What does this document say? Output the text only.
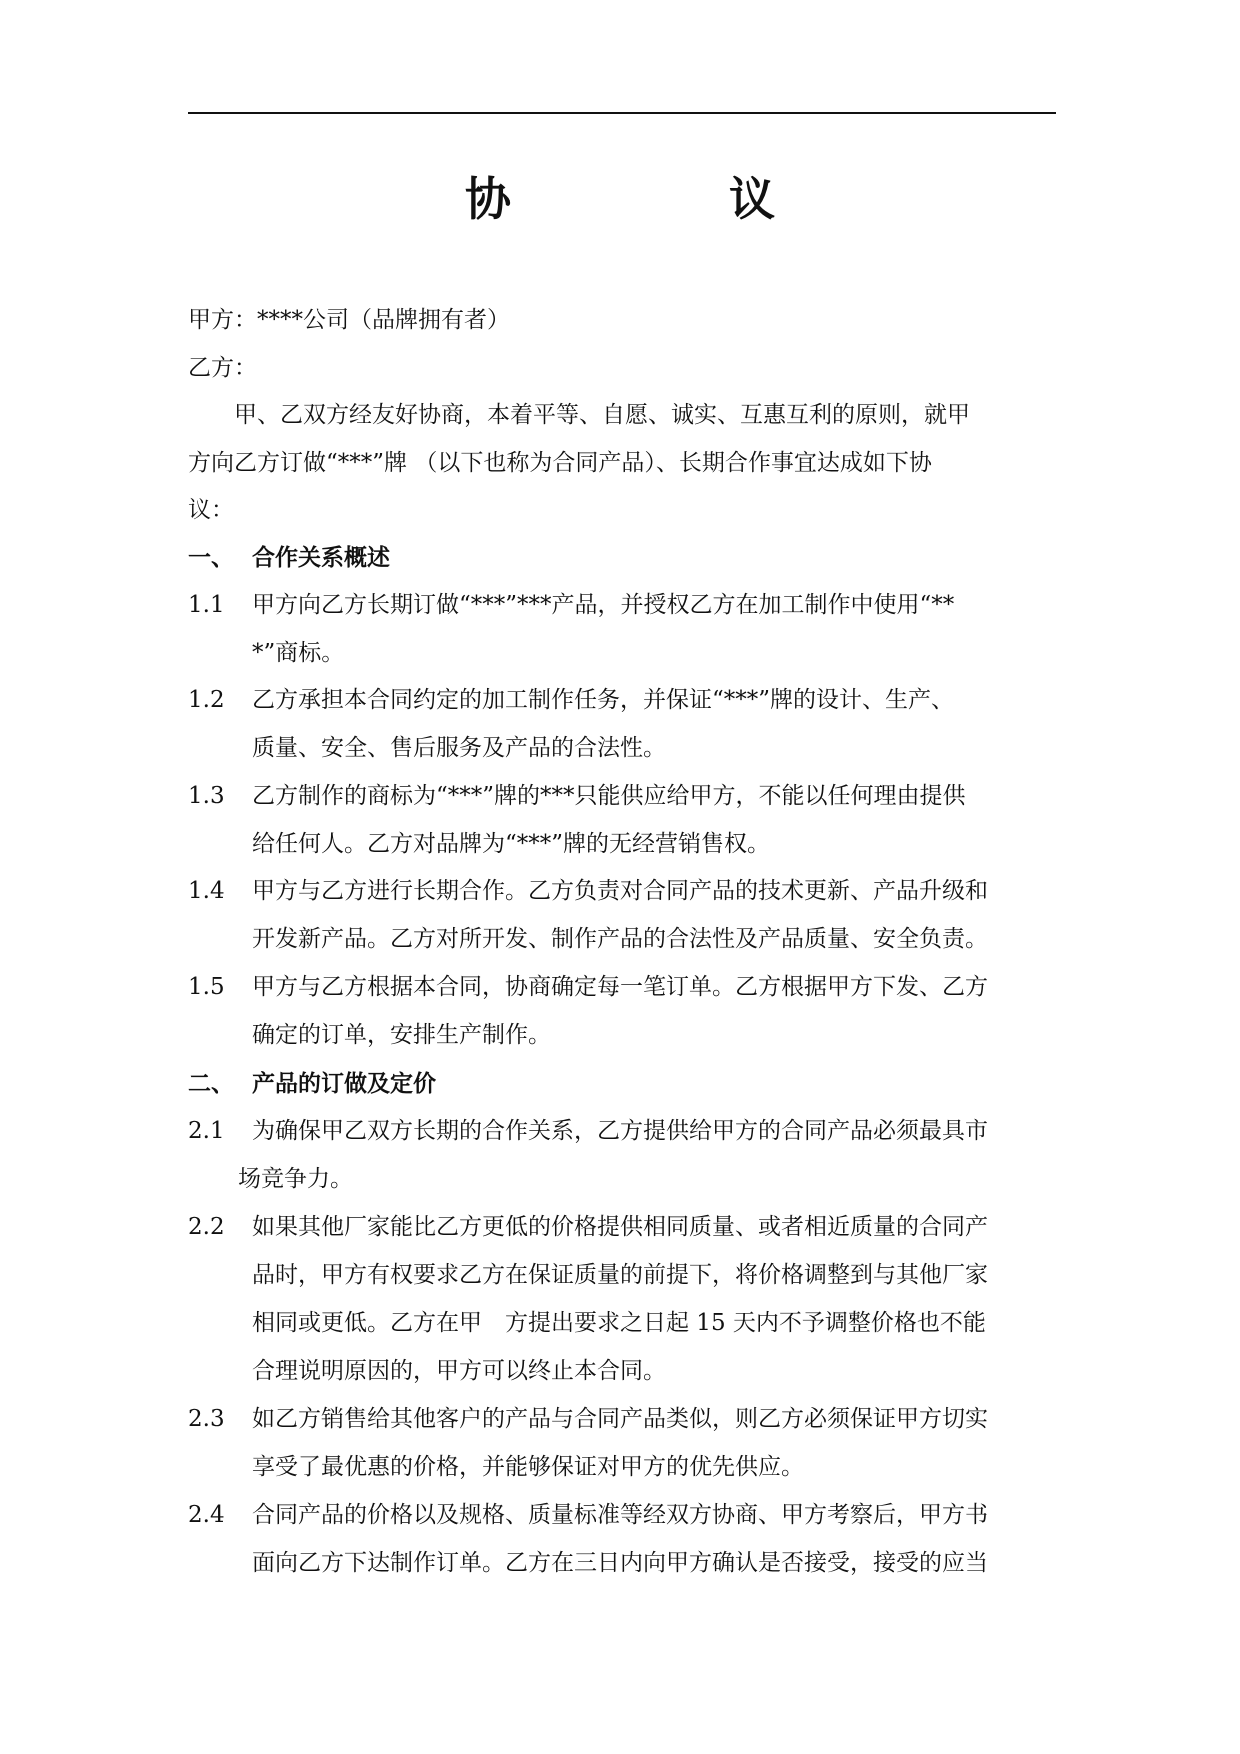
协　议
甲方：****公司（品牌拥有者）
乙方：
　　甲、乙双方经友好协商，本着平等、自愿、诚实、互惠互利的原则，就甲
方向乙方订做“***”牌 （以下也称为合同产品）、长期合作事宜达成如下协
议：
一、 合作关系概述
1.1 甲方向乙方长期订做“***”***产品，并授权乙方在加工制作中使用“**
*”商标。
1.2 乙方承担本合同约定的加工制作任务，并保证“***”牌的设计、生产、
质量、安全、售后服务及产品的合法性。
1.3 乙方制作的商标为“***”牌的***只能供应给甲方，不能以任何理由提供
给任何人。乙方对品牌为“***”牌的无经营销售权。
1.4 甲方与乙方进行长期合作。乙方负责对合同产品的技术更新、产品升级和
开发新产品。乙方对所开发、制作产品的合法性及产品质量、安全负责。
1.5 甲方与乙方根据本合同，协商确定每一笔订单。乙方根据甲方下发、乙方
确定的订单，安排生产制作。
二、 产品的订做及定价
2.1 为确保甲乙双方长期的合作关系，乙方提供给甲方的合同产品必须最具市
场竞争力。
2.2 如果其他厂家能比乙方更低的价格提供相同质量、或者相近质量的合同产
品时，甲方有权要求乙方在保证质量的前提下，将价格调整到与其他厂家
相同或更低。乙方在甲　方提出要求之日起 15 天内不予调整价格也不能
合理说明原因的，甲方可以终止本合同。
2.3 如乙方销售给其他客户的产品与合同产品类似，则乙方必须保证甲方切实
享受了最优惠的价格，并能够保证对甲方的优先供应。
2.4 合同产品的价格以及规格、质量标准等经双方协商、甲方考察后，甲方书
面向乙方下达制作订单。乙方在三日内向甲方确认是否接受，接受的应当
